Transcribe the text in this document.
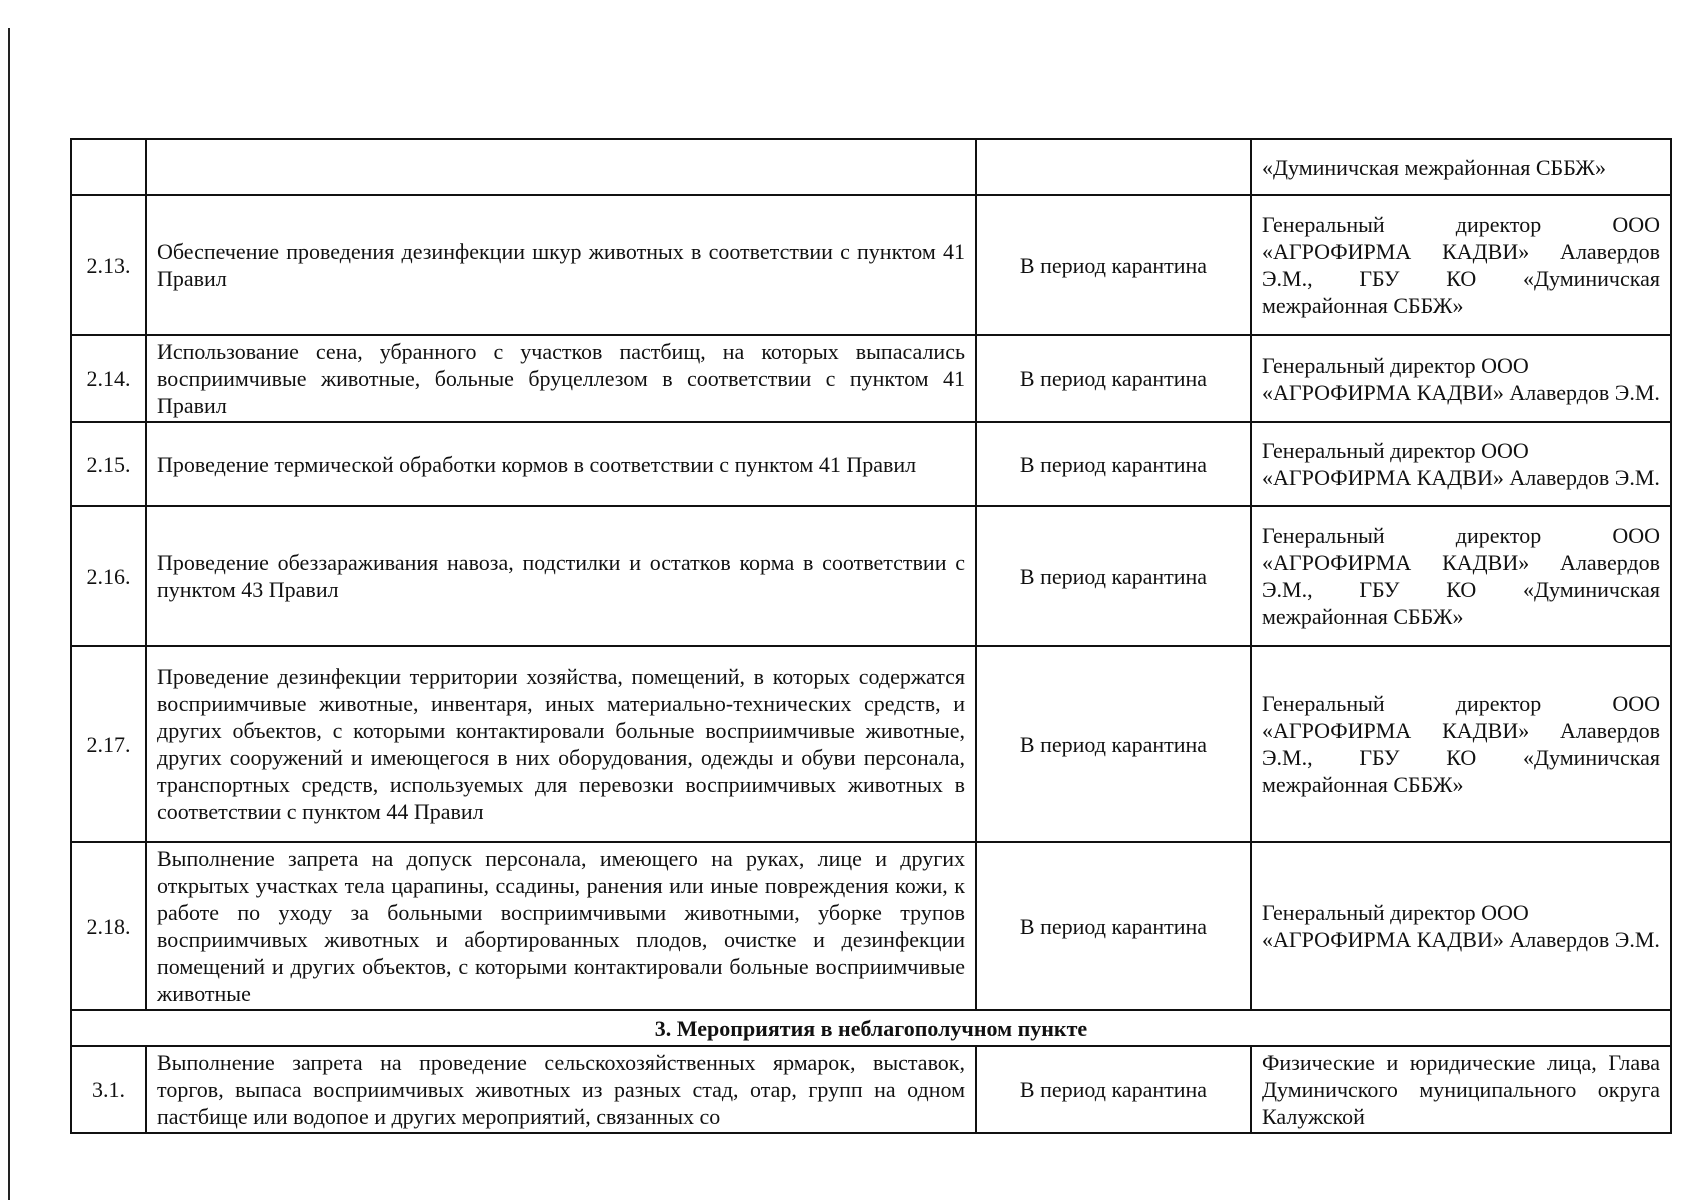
			«Думиничская межрайонная СББЖ»
2.13.	Обеспечение проведения дезинфекции шкур животных в соответствии с пунктом 41 Правил	В период карантина	Генеральный директор ООО «АГРОФИРМА КАДВИ» Алавердов Э.М., ГБУ КО «Думиничская межрайонная СББЖ»
2.14.	Использование сена, убранного с участков пастбищ, на которых выпасались восприимчивые животные, больные бруцеллезом в соответствии с пунктом 41 Правил	В период карантина	Генеральный директор ООО «АГРОФИРМА КАДВИ» Алавердов Э.М.
2.15.	Проведение термической обработки кормов в соответствии с пунктом 41 Правил	В период карантина	Генеральный директор ООО «АГРОФИРМА КАДВИ» Алавердов Э.М.
2.16.	Проведение обеззараживания навоза, подстилки и остатков корма в соответствии с пунктом 43 Правил	В период карантина	Генеральный директор ООО «АГРОФИРМА КАДВИ» Алавердов Э.М., ГБУ КО «Думиничская межрайонная СББЖ»
2.17.	Проведение дезинфекции территории хозяйства, помещений, в которых содержатся восприимчивые животные, инвентаря, иных материально-технических средств, и других объектов, с которыми контактировали больные восприимчивые животные, других сооружений и имеющегося в них оборудования, одежды и обуви персонала, транспортных средств, используемых для перевозки восприимчивых животных в соответствии с пунктом 44 Правил	В период карантина	Генеральный директор ООО «АГРОФИРМА КАДВИ» Алавердов Э.М., ГБУ КО «Думиничская межрайонная СББЖ»
2.18.	Выполнение запрета на допуск персонала, имеющего на руках, лице и других открытых участках тела царапины, ссадины, ранения или иные повреждения кожи, к работе по уходу за больными восприимчивыми животными, уборке трупов восприимчивых животных и абортированных плодов, очистке и дезинфекции помещений и других объектов, с которыми контактировали больные восприимчивые животные	В период карантина	Генеральный директор ООО «АГРОФИРМА КАДВИ» Алавердов Э.М.
3. Мероприятия в неблагополучном пункте			
3.1.	Выполнение запрета на проведение сельскохозяйственных ярмарок, выставок, торгов, выпаса восприимчивых животных из разных стад, отар, групп на одном пастбище или водопое и других мероприятий, связанных со	В период карантина	Физические и юридические лица, Глава Думиничского муниципального округа Калужской
